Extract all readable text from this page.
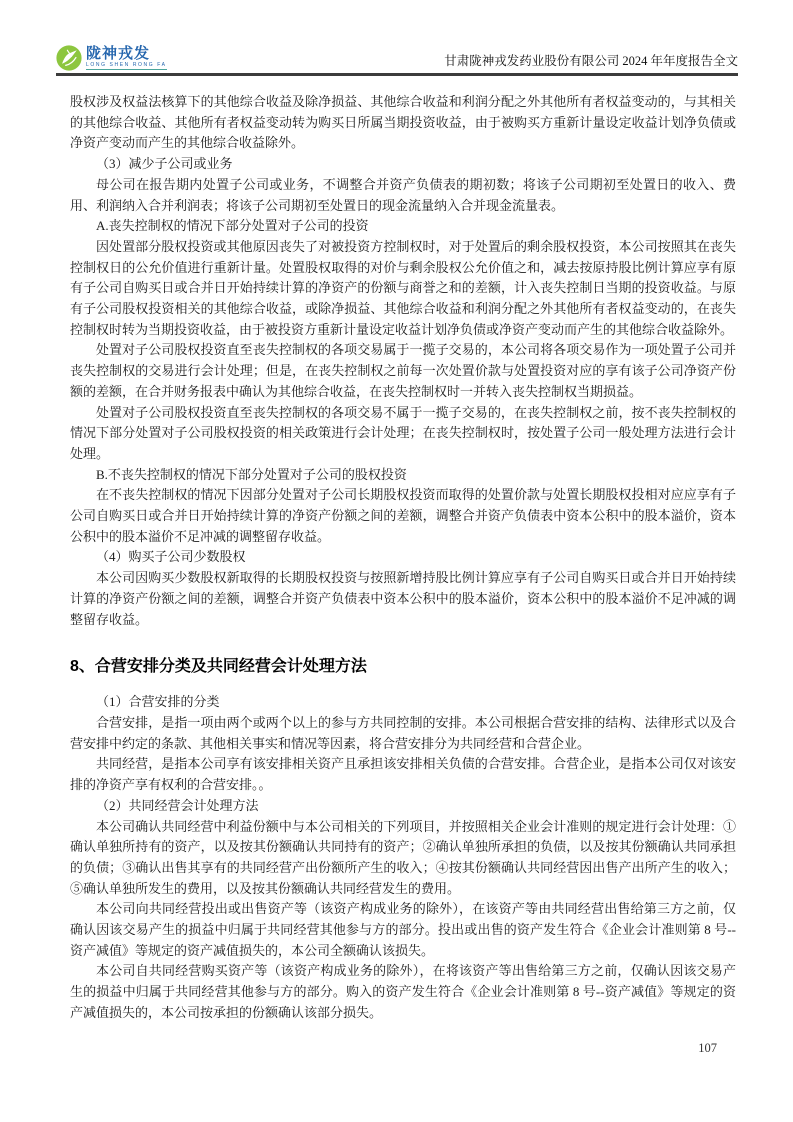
陇神戎发
LONG SHEN RONG FA	甘肃陇神戎发药业股份有限公司 2024 年年度报告全文

股权涉及权益法核算下的其他综合收益及除净损益、其他综合收益和利润分配之外其他所有者权益变动的，与其相关的其他综合收益、其他所有者权益变动转为购买日所属当期投资收益，由于被购买方重新计量设定收益计划净负债或净资产变动而产生的其他综合收益除外。

（3）减少子公司或业务

母公司在报告期内处置子公司或业务，不调整合并资产负债表的期初数；将该子公司期初至处置日的收入、费用、利润纳入合并利润表；将该子公司期初至处置日的现金流量纳入合并现金流量表。

A.丧失控制权的情况下部分处置对子公司的投资

因处置部分股权投资或其他原因丧失了对被投资方控制权时，对于处置后的剩余股权投资，本公司按照其在丧失控制权日的公允价值进行重新计量。处置股权取得的对价与剩余股权公允价值之和，减去按原持股比例计算应享有原有子公司自购买日或合并日开始持续计算的净资产的份额与商誉之和的差额，计入丧失控制日当期的投资收益。与原有子公司股权投资相关的其他综合收益，或除净损益、其他综合收益和利润分配之外其他所有者权益变动的，在丧失控制权时转为当期投资收益，由于被投资方重新计量设定收益计划净负债或净资产变动而产生的其他综合收益除外。

处置对子公司股权投资直至丧失控制权的各项交易属于一揽子交易的，本公司将各项交易作为一项处置子公司并丧失控制权的交易进行会计处理；但是，在丧失控制权之前每一次处置价款与处置投资对应的享有该子公司净资产份额的差额，在合并财务报表中确认为其他综合收益，在丧失控制权时一并转入丧失控制权当期损益。

处置对子公司股权投资直至丧失控制权的各项交易不属于一揽子交易的，在丧失控制权之前，按不丧失控制权的情况下部分处置对子公司股权投资的相关政策进行会计处理；在丧失控制权时，按处置子公司一般处理方法进行会计处理。

B.不丧失控制权的情况下部分处置对子公司的股权投资

在不丧失控制权的情况下因部分处置对子公司长期股权投资而取得的处置价款与处置长期股权投相对应应享有子公司自购买日或合并日开始持续计算的净资产份额之间的差额，调整合并资产负债表中资本公积中的股本溢价，资本公积中的股本溢价不足冲减的调整留存收益。

（4）购买子公司少数股权

本公司因购买少数股权新取得的长期股权投资与按照新增持股比例计算应享有子公司自购买日或合并日开始持续计算的净资产份额之间的差额，调整合并资产负债表中资本公积中的股本溢价，资本公积中的股本溢价不足冲减的调整留存收益。

8、合营安排分类及共同经营会计处理方法

（1）合营安排的分类

合营安排，是指一项由两个或两个以上的参与方共同控制的安排。本公司根据合营安排的结构、法律形式以及合营安排中约定的条款、其他相关事实和情况等因素，将合营安排分为共同经营和合营企业。

共同经营，是指本公司享有该安排相关资产且承担该安排相关负债的合营安排。合营企业，是指本公司仅对该安排的净资产享有权利的合营安排。。

（2）共同经营会计处理方法

本公司确认共同经营中利益份额中与本公司相关的下列项目，并按照相关企业会计准则的规定进行会计处理：①确认单独所持有的资产，以及按其份额确认共同持有的资产；②确认单独所承担的负债，以及按其份额确认共同承担的负债；③确认出售其享有的共同经营产出份额所产生的收入；④按其份额确认共同经营因出售产出所产生的收入；⑤确认单独所发生的费用，以及按其份额确认共同经营发生的费用。

本公司向共同经营投出或出售资产等（该资产构成业务的除外），在该资产等由共同经营出售给第三方之前，仅确认因该交易产生的损益中归属于共同经营其他参与方的部分。投出或出售的资产发生符合《企业会计准则第 8 号--资产减值》等规定的资产减值损失的，本公司全额确认该损失。

本公司自共同经营购买资产等（该资产构成业务的除外），在将该资产等出售给第三方之前，仅确认因该交易产生的损益中归属于共同经营其他参与方的部分。购入的资产发生符合《企业会计准则第 8 号--资产减值》等规定的资产减值损失的，本公司按承担的份额确认该部分损失。

107
